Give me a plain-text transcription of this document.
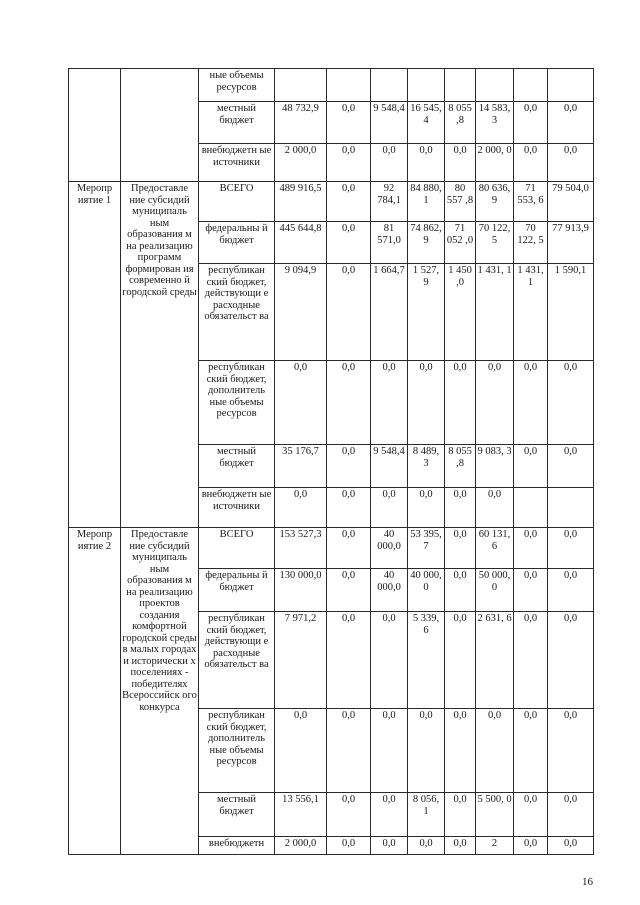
		ные объемы ресурсов								
		местный бюджет	48 732,9	0,0	9 548,4	16 545, 4	8 055 ,8	14 583, 3	0,0	0,0
		внебюджетн ые источники	2 000,0	0,0	0,0	0,0	0,0	2 000, 0	0,0	0,0
Меропр иятие 1	Предоставле ние субсидий муниципаль ным образования м на реализацию программ формирован ия современно й городской среды	ВСЕГО	489 916,5	0,0	92 784,1	84 880, 1	80 557 ,8	80 636, 9	71 553, 6	79 504,0
		федеральны й бюджет	445 644,8	0,0	81 571,0	74 862, 9	71 052 ,0	70 122, 5	70 122, 5	77 913,9
		республикан ский бюджет, действующи е расходные обязательст ва	9 094,9	0,0	1 664,7	1 527, 9	1 450 ,0	1 431, 1	1 431, 1	1 590,1
		республикан ский бюджет, дополнитель ные объемы ресурсов	0,0	0,0	0,0	0,0	0,0	0,0	0,0	0,0
		местный бюджет	35 176,7	0,0	9 548,4	8 489, 3	8 055 ,8	9 083, 3	0,0	0,0
		внебюджетн ые источники	0,0	0,0	0,0	0,0	0,0	0,0		
Меропр иятие 2	Предоставле ние субсидий муниципаль ным образования м на реализацию проектов создания комфортной городской среды в малых городах и исторически х поселениях - победителях Всероссийск ого конкурса	ВСЕГО	153 527,3	0,0	40 000,0	53 395, 7	0,0	60 131, 6	0,0	0,0
		федеральны й бюджет	130 000,0	0,0	40 000,0	40 000, 0	0,0	50 000, 0	0,0	0,0
		республикан ский бюджет, действующи е расходные обязательст ва	7 971,2	0,0	0,0	5 339, 6	0,0	2 631, 6	0,0	0,0
		республикан ский бюджет, дополнитель ные объемы ресурсов	0,0	0,0	0,0	0,0	0,0	0,0	0,0	0,0
		местный бюджет	13 556,1	0,0	0,0	8 056, 1	0,0	5 500, 0	0,0	0,0
		внебюджетн	2 000,0	0,0	0,0	0,0	0,0	2	0,0	0,0
16
